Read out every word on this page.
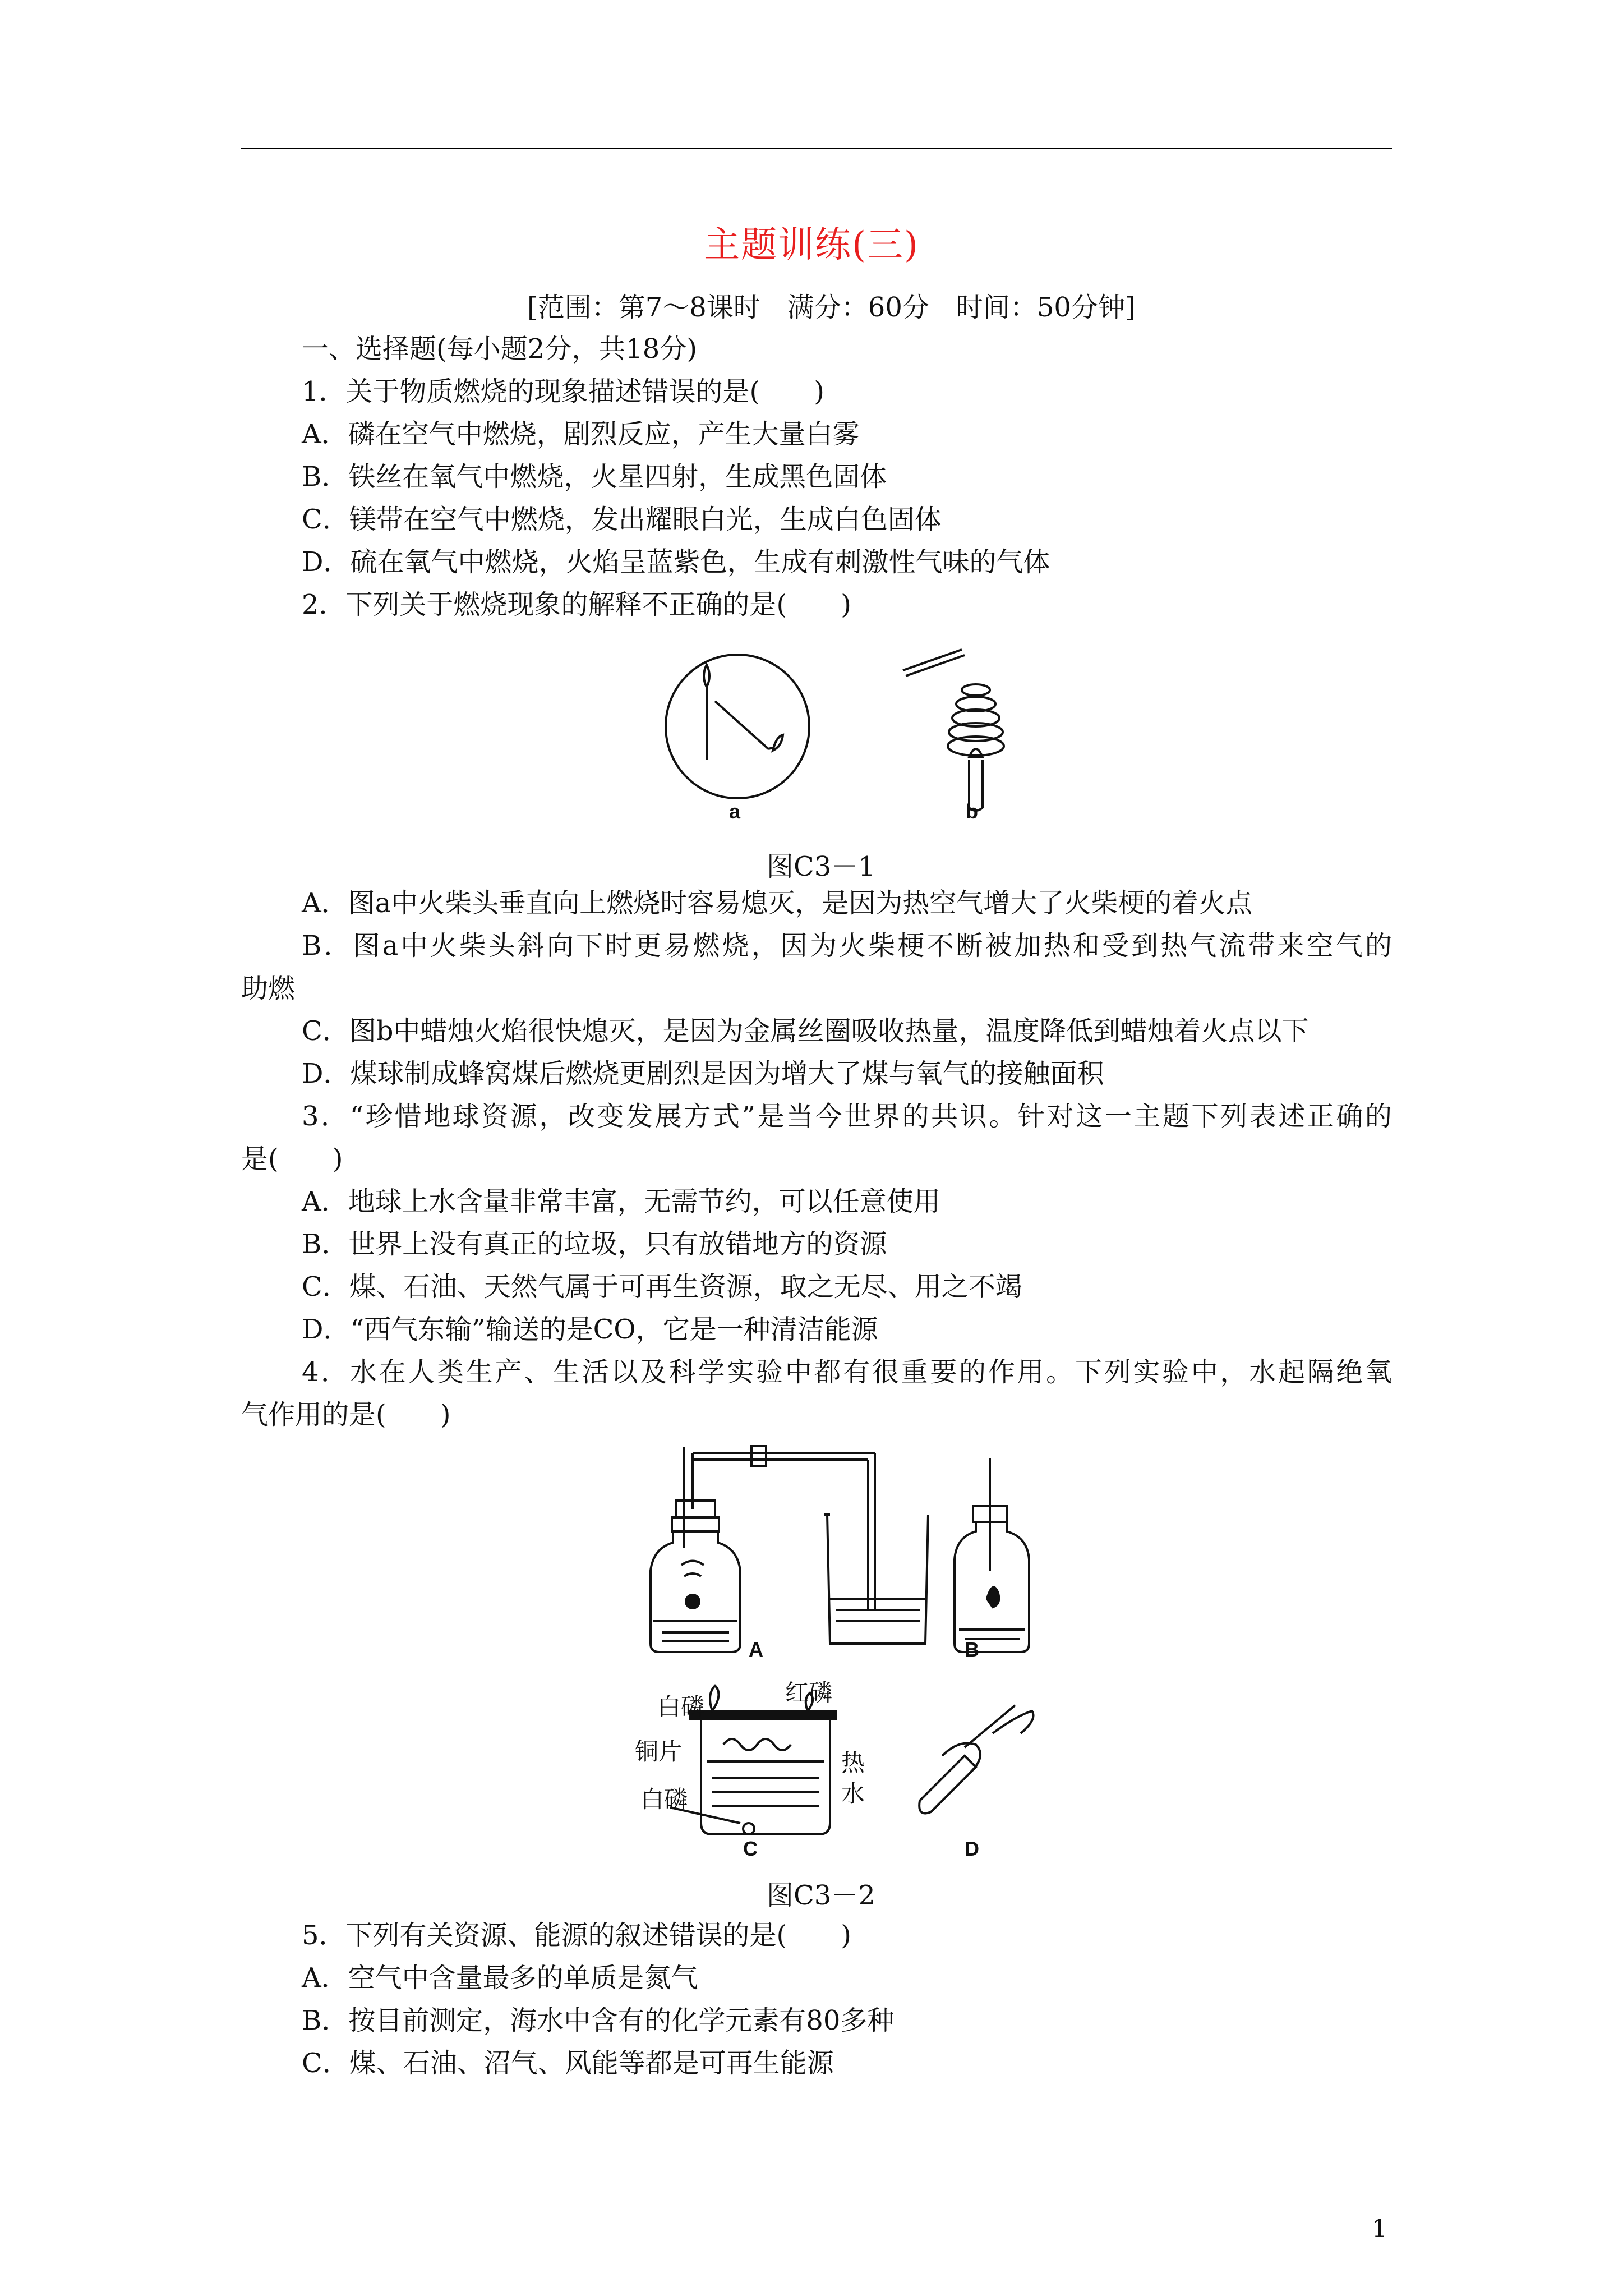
主题训练(三)
[范围：第7～8课时　满分：60分　时间：50分钟]
一、选择题(每小题2分，共18分)
1．关于物质燃烧的现象描述错误的是(　　)
A．磷在空气中燃烧，剧烈反应，产生大量白雾
B．铁丝在氧气中燃烧，火星四射，生成黑色固体
C．镁带在空气中燃烧，发出耀眼白光，生成白色固体
D．硫在氧气中燃烧，火焰呈蓝紫色，生成有刺激性气味的气体
2．下列关于燃烧现象的解释不正确的是(　　)
a	b
图C3－1
A．图a中火柴头垂直向上燃烧时容易熄灭，是因为热空气增大了火柴梗的着火点
B．图a中火柴头斜向下时更易燃烧，因为火柴梗不断被加热和受到热气流带来空气的
助燃
C．图b中蜡烛火焰很快熄灭，是因为金属丝圈吸收热量，温度降低到蜡烛着火点以下
D．煤球制成蜂窝煤后燃烧更剧烈是因为增大了煤与氧气的接触面积
3．“珍惜地球资源，改变发展方式”是当今世界的共识。针对这一主题下列表述正确的
是(　　)
A．地球上水含量非常丰富，无需节约，可以任意使用
B．世界上没有真正的垃圾，只有放错地方的资源
C．煤、石油、天然气属于可再生资源，取之无尽、用之不竭
D．“西气东输”输送的是CO，它是一种清洁能源
4．水在人类生产、生活以及科学实验中都有很重要的作用。下列实验中，水起隔绝氧
气作用的是(　　)
A	B
白磷
红磷
铜片
白磷
热
水
C	D
图C3－2
5．下列有关资源、能源的叙述错误的是(　　)
A．空气中含量最多的单质是氮气
B．按目前测定，海水中含有的化学元素有80多种
C．煤、石油、沼气、风能等都是可再生能源
1
